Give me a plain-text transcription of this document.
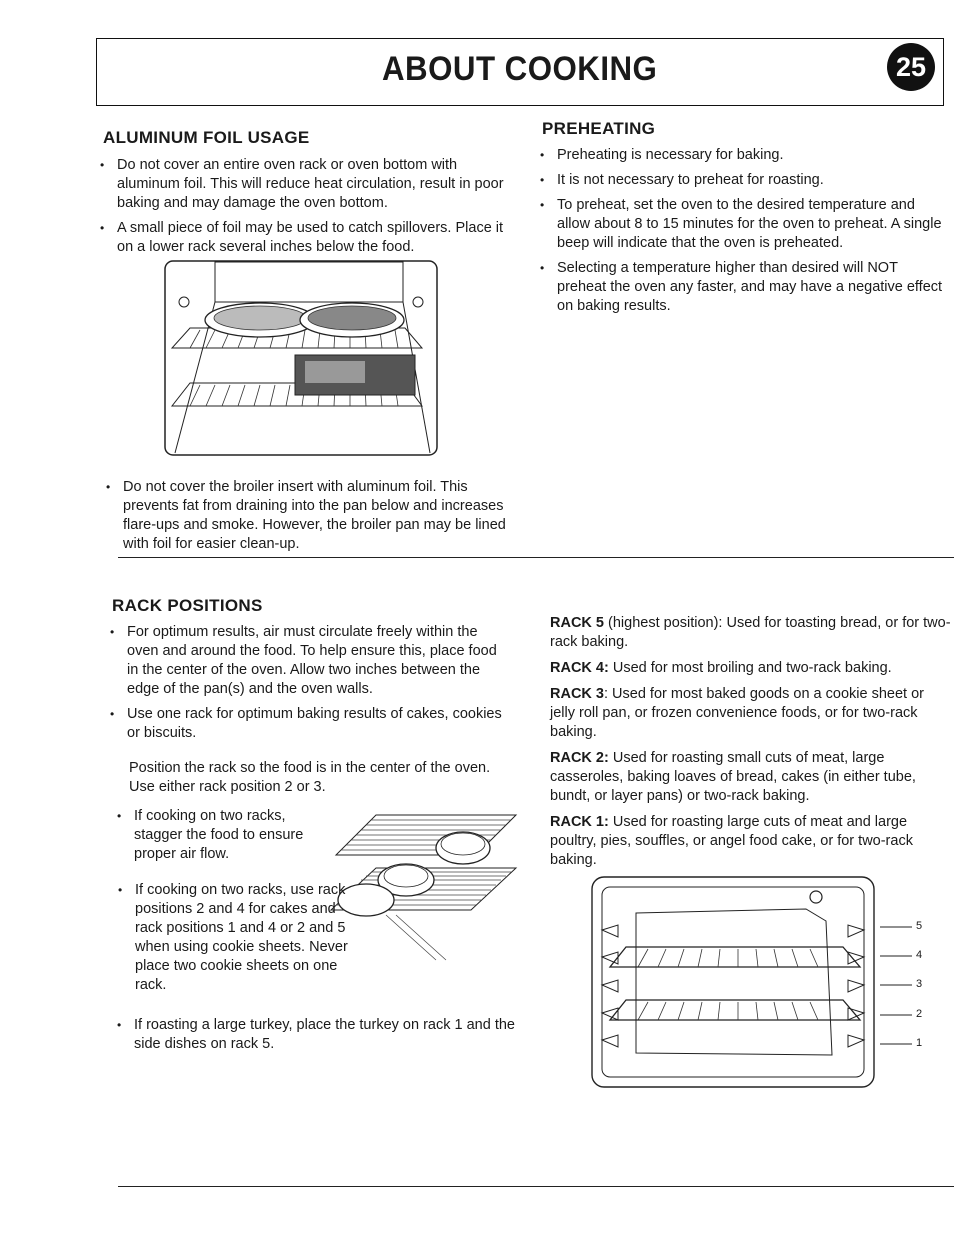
ABOUT COOKING	25
ALUMINUM FOIL USAGE
• Do not cover an entire oven rack or oven bottom with aluminum foil. This will reduce heat circulation, result in poor baking and may damage the oven bottom.
• A small piece of foil may be used to catch spillovers. Place it on a lower rack several inches below the food.
• Do not cover the broiler insert with aluminum foil. This prevents fat from draining into the pan below and increases flare-ups and smoke. However, the broiler pan may be lined with foil for easier clean-up.
PREHEATING
• Preheating is necessary for baking.
• It is not necessary to preheat for roasting.
• To preheat, set the oven to the desired temperature and allow about 8 to 15 minutes for the oven to preheat. A single beep will indicate that the oven is preheated.
• Selecting a temperature higher than desired will NOT preheat the oven any faster, and may have a negative effect on baking results.
RACK POSITIONS
• For optimum results, air must circulate freely within the oven and around the food. To help ensure this, place food in the center of the oven. Allow two inches between the edge of the pan(s) and the oven walls.
• Use one rack for optimum baking results of cakes, cookies or biscuits.
Position the rack so the food is in the center of the oven. Use either rack position 2 or 3.
• If cooking on two racks, stagger the food to ensure proper air flow.
• If cooking on two racks, use rack positions 2 and 4 for cakes and rack positions 1 and 4 or 2 and 5 when using cookie sheets. Never place two cookie sheets on one rack.
• If roasting a large turkey, place the turkey on rack 1 and the side dishes on rack 5.

RACK 5 (highest position): Used for toasting bread, or for two-rack baking.

RACK 4: Used for most broiling and two-rack baking.

RACK 3: Used for most baked goods on a cookie sheet or jelly roll pan, or frozen convenience foods, or for two-rack baking.

RACK 2: Used for roasting small cuts of meat, large casseroles, baking loaves of bread, cakes (in either tube, bundt, or layer pans) or two-rack baking.

RACK 1: Used for roasting large cuts of meat and large poultry, pies, souffles, or angel food cake, or for two-rack baking.

5
4
3
2
1
